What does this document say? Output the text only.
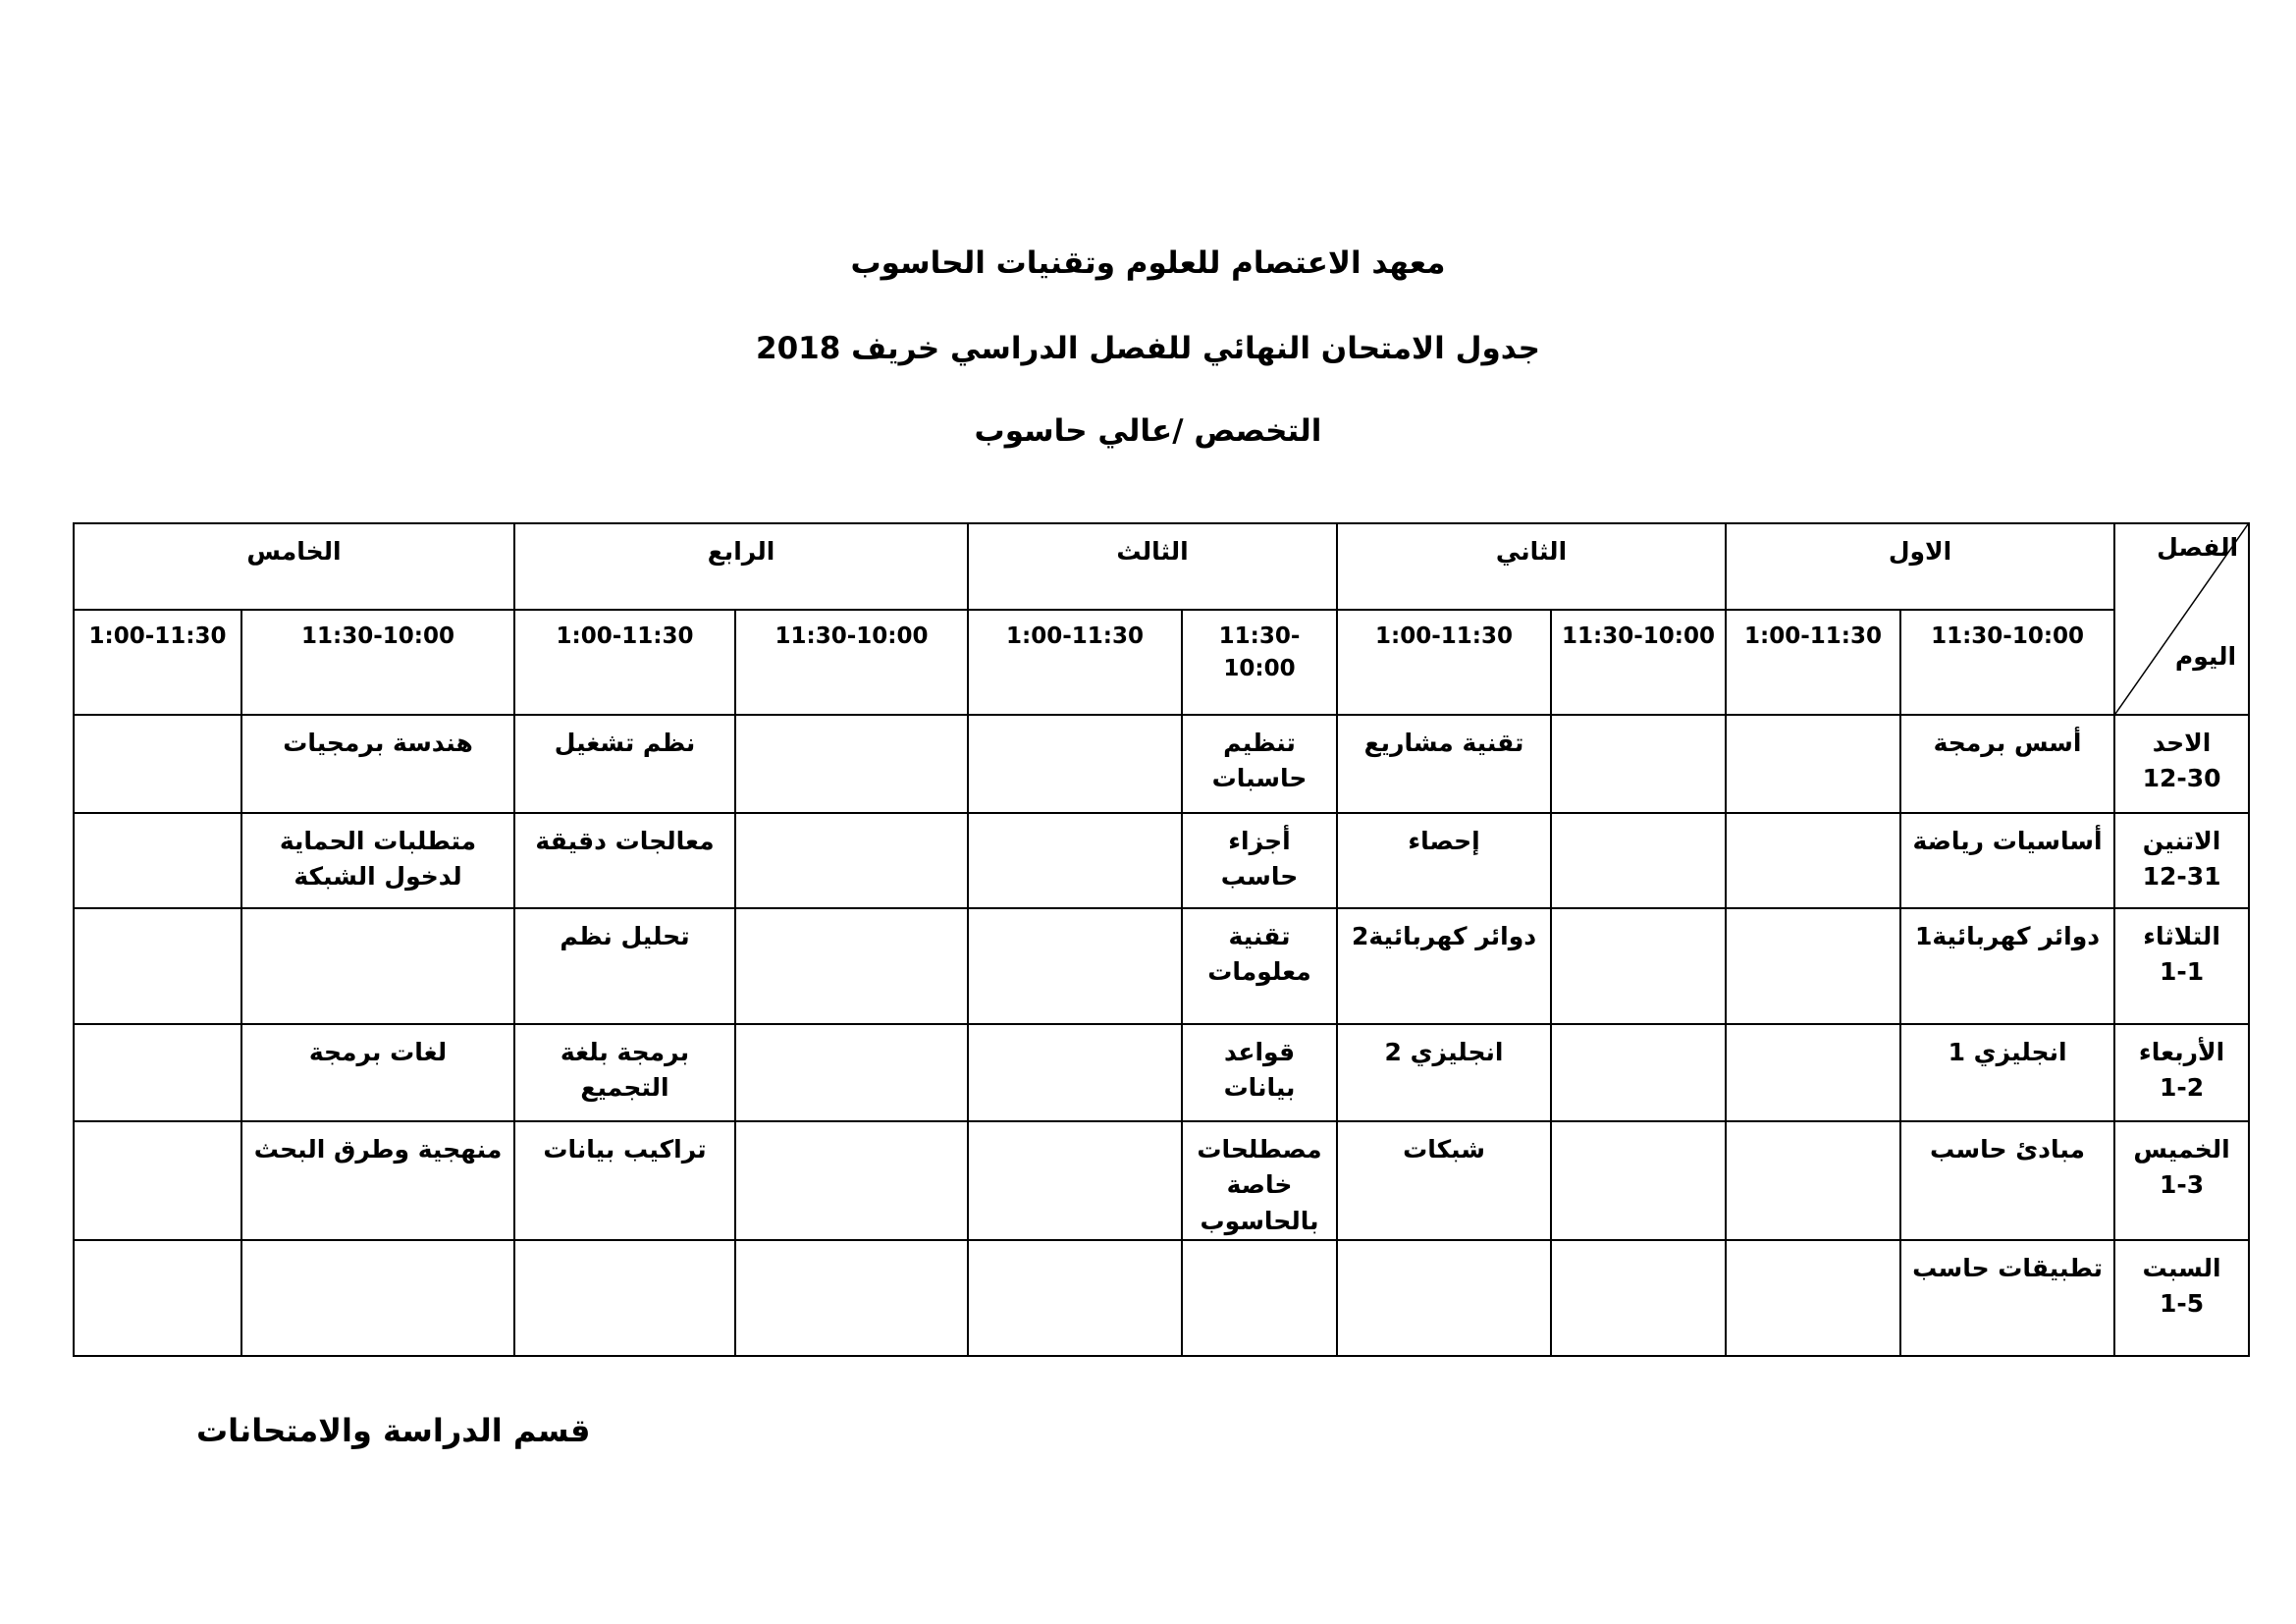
معهد الاعتصام للعلوم وتقنيات الحاسوب
جدول الامتحان النهائي للفصل الدراسي خريف 2018
التخصص /عالي حاسوب
الفصل
اليوم	الاول		الثاني		الثالث		الرابع		الخامس	
	11:30-10:00	1:00-11:30	11:30-10:00	1:00-11:30	11:30-10:00	1:00-11:30	11:30-10:00	1:00-11:30	11:30-10:00	1:00-11:30

الاحد
12-30	أسس برمجة			تقنية مشاريع	تنظيم حاسبات			نظم تشغيل	هندسة برمجيات	

الاتنين
12-31	أساسيات رياضة			إحصاء	أجزاء حاسب			معالجات دقيقة	متطلبات الحماية لدخول الشبكة	

التلاثاء
1-1	دوائر كهربائية1			دوائر كهربائية2	تقنية معلومات			تحليل نظم		

الأربعاء
1-2	انجليزي 1			انجليزي 2	قواعد بيانات			برمجة بلغة التجميع	لغات برمجة	

الخميس
1-3	مبادئ حاسب			شبكات	مصطلحات خاصة بالحاسوب			تراكيب بيانات	منهجية وطرق البحث	

السبت
1-5	تطبيقات حاسب									
قسم الدراسة والامتحانات
